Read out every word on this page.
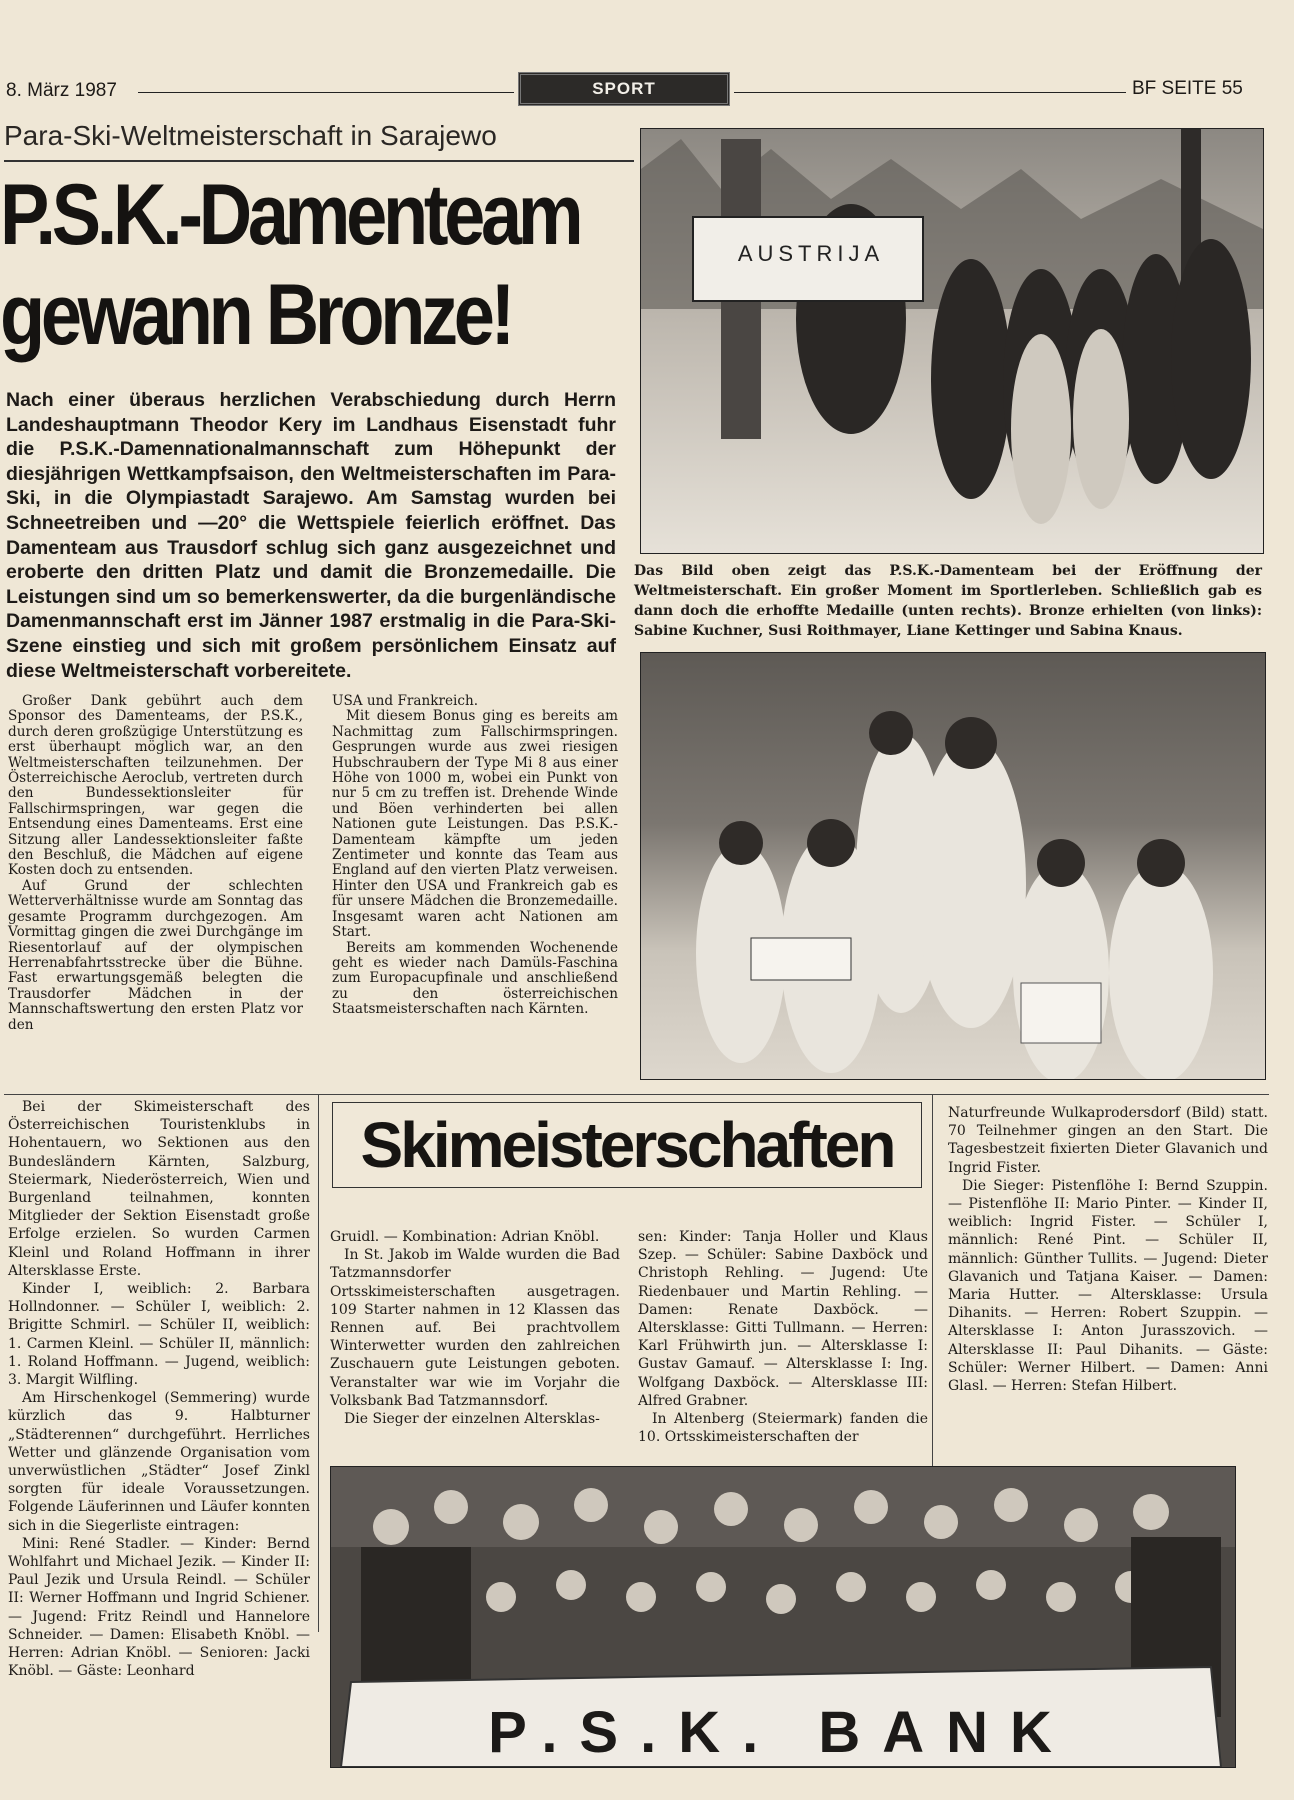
8. März 1987	SPORT	BF SEITE 55
Para-Ski-Weltmeisterschaft in Sarajewo
P.S.K.-Damenteam
gewann Bronze!
Nach einer überaus herzlichen Verabschiedung durch Herrn Landeshauptmann Theodor Kery im Landhaus Eisenstadt fuhr die P.S.K.-Damennationalmannschaft zum Höhepunkt der diesjährigen Wettkampfsaison, den Weltmeisterschaften im Para-Ski, in die Olympiastadt Sarajewo. Am Samstag wurden bei Schneetreiben und —20° die Wettspiele feierlich eröffnet. Das Damenteam aus Trausdorf schlug sich ganz ausgezeichnet und eroberte den dritten Platz und damit die Bronzemedaille. Die Leistungen sind um so bemerkenswerter, da die burgenländische Damenmannschaft erst im Jänner 1987 erstmalig in die Para-Ski-Szene einstieg und sich mit großem persönlichem Einsatz auf diese Weltmeisterschaft vorbereitete.

Großer Dank gebührt auch dem Sponsor des Damenteams, der P.S.K., durch deren großzügige Unterstützung es erst überhaupt möglich war, an den Weltmeisterschaften teilzunehmen. Der Österreichische Aeroclub, vertreten durch den Bundessektionsleiter für Fallschirmspringen, war gegen die Entsendung eines Damenteams. Erst eine Sitzung aller Landessektionsleiter faßte den Beschluß, die Mädchen auf eigene Kosten doch zu entsenden.

Auf Grund der schlechten Wetterverhältnisse wurde am Sonntag das gesamte Programm durchgezogen. Am Vormittag gingen die zwei Durchgänge im Riesentorlauf auf der olympischen Herrenabfahrtsstrecke über die Bühne. Fast erwartungsgemäß belegten die Trausdorfer Mädchen in der Mannschaftswertung den ersten Platz vor den

USA und Frankreich.

Mit diesem Bonus ging es bereits am Nachmittag zum Fallschirmspringen. Gesprungen wurde aus zwei riesigen Hubschraubern der Type Mi 8 aus einer Höhe von 1000 m, wobei ein Punkt von nur 5 cm zu treffen ist. Drehende Winde und Böen verhinderten bei allen Nationen gute Leistungen. Das P.S.K.-Damenteam kämpfte um jeden Zentimeter und konnte das Team aus England auf den vierten Platz verweisen. Hinter den USA und Frankreich gab es für unsere Mädchen die Bronzemedaille. Insgesamt waren acht Nationen am Start.

Bereits am kommenden Wochenende geht es wieder nach Damüls-Faschina zum Europacupfinale und anschließend zu den österreichischen Staatsmeisterschaften nach Kärnten.

AUSTRIJA
Das Bild oben zeigt das P.S.K.-Damenteam bei der Eröffnung der Weltmeisterschaft. Ein großer Moment im Sportlerleben. Schließlich gab es dann doch die erhoffte Medaille (unten rechts). Bronze erhielten (von links): Sabine Kuchner, Susi Roithmayer, Liane Kettinger und Sabina Knaus.

Bei der Skimeisterschaft des Österreichischen Touristenklubs in Hohentauern, wo Sektionen aus den Bundesländern Kärnten, Salzburg, Steiermark, Niederösterreich, Wien und Burgenland teilnahmen, konnten Mitglieder der Sektion Eisenstadt große Erfolge erzielen. So wurden Carmen Kleinl und Roland Hoffmann in ihrer Altersklasse Erste.

Kinder I, weiblich: 2. Barbara Hollndonner. — Schüler I, weiblich: 2. Brigitte Schmirl. — Schüler II, weiblich: 1. Carmen Kleinl. — Schüler II, männlich: 1. Roland Hoffmann. — Jugend, weiblich: 3. Margit Wilfling.

Am Hirschenkogel (Semmering) wurde kürzlich das 9. Halbturner „Städterennen“ durchgeführt. Herrliches Wetter und glänzende Organisation vom unverwüstlichen „Städter“ Josef Zinkl sorgten für ideale Voraussetzungen. Folgende Läuferinnen und Läufer konnten sich in die Siegerliste eintragen:

Mini: René Stadler. — Kinder: Bernd Wohlfahrt und Michael Jezik. — Kinder II: Paul Jezik und Ursula Reindl. — Schüler II: Werner Hoffmann und Ingrid Schiener. — Jugend: Fritz Reindl und Hannelore Schneider. — Damen: Elisabeth Knöbl. — Herren: Adrian Knöbl. — Senioren: Jacki Knöbl. — Gäste: Leonhard

Skimeisterschaften

Gruidl. — Kombination: Adrian Knöbl.

In St. Jakob im Walde wurden die Bad Tatzmannsdorfer Ortsskimeisterschaften ausgetragen. 109 Starter nahmen in 12 Klassen das Rennen auf. Bei prachtvollem Winterwetter wurden den zahlreichen Zuschauern gute Leistungen geboten. Veranstalter war wie im Vorjahr die Volksbank Bad Tatzmannsdorf.

Die Sieger der einzelnen Altersklas-

sen: Kinder: Tanja Holler und Klaus Szep. — Schüler: Sabine Daxböck und Christoph Rehling. — Jugend: Ute Riedenbauer und Martin Rehling. — Damen: Renate Daxböck. — Altersklasse: Gitti Tullmann. — Herren: Karl Frühwirth jun. — Altersklasse I: Gustav Gamauf. — Altersklasse I: Ing. Wolfgang Daxböck. — Altersklasse III: Alfred Grabner.

In Altenberg (Steiermark) fanden die 10. Ortsskimeisterschaften der

Naturfreunde Wulkaprodersdorf (Bild) statt. 70 Teilnehmer gingen an den Start. Die Tagesbestzeit fixierten Dieter Glavanich und Ingrid Fister.

Die Sieger: Pistenflöhe I: Bernd Szuppin. — Pistenflöhe II: Mario Pinter. — Kinder II, weiblich: Ingrid Fister. — Schüler I, männlich: René Pint. — Schüler II, männlich: Günther Tullits. — Jugend: Dieter Glavanich und Tatjana Kaiser. — Damen: Maria Hutter. — Altersklasse: Ursula Dihanits. — Herren: Robert Szuppin. — Altersklasse I: Anton Jurasszovich. — Altersklasse II: Paul Dihanits. — Gäste: Schüler: Werner Hilbert. — Damen: Anni Glasl. — Herren: Stefan Hilbert.

P.S.K. BANK
